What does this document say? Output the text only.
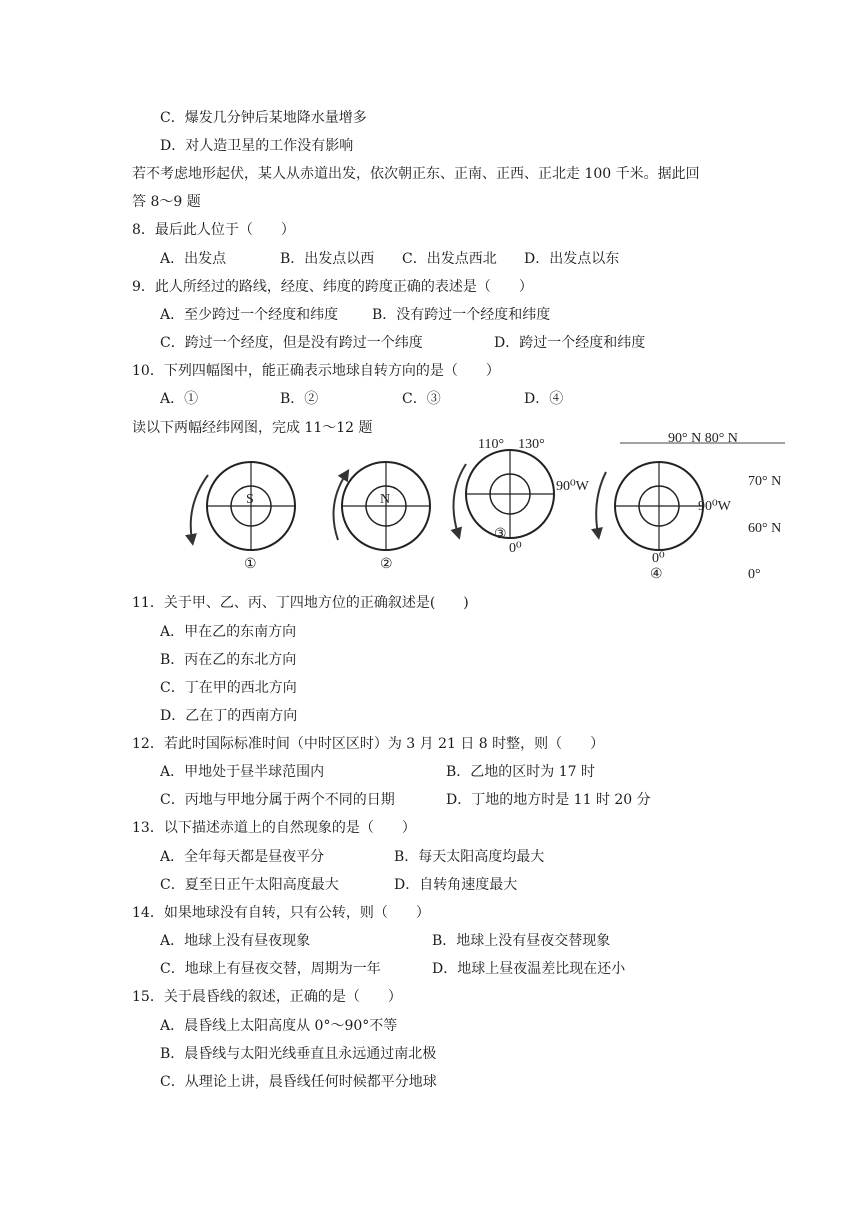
C．爆发几分钟后某地降水量增多
D．对人造卫星的工作没有影响
若不考虑地形起伏，某人从赤道出发，依次朝正东、正南、正西、正北走 100 千米。据此回
答 8～9 题
8．最后此人位于（　　）
A．出发点	B．出发点以西 C．出发点西北 D．出发点以东
9．此人所经过的路线，经度、纬度的跨度正确的表述是（　　）
A．至少跨过一个经度和纬度 B．没有跨过一个经度和纬度
C．跨过一个经度，但是没有跨过一个纬度	D．跨过一个经度和纬度
10．下列四幅图中，能正确表示地球自转方向的是（　　）
A．①	B．②	C．③	D．④
读以下两幅经纬网图，完成 11～12 题
S
①
N
②
110°　130°
90⁰W
③
0⁰
90⁰W
0⁰
④
90° N 80° N
70° N
60° N
0°
11．关于甲、乙、丙、丁四地方位的正确叙述是(　　)
A．甲在乙的东南方向
B．丙在乙的东北方向
C．丁在甲的西北方向
D．乙在丁的西南方向
12．若此时国际标准时间（中时区区时）为 3 月 21 日 8 时整，则（　　）
A．甲地处于昼半球范围内	B．乙地的区时为 17 时
C．丙地与甲地分属于两个不同的日期	D．丁地的地方时是 11 时 20 分
13．以下描述赤道上的自然现象的是（　　）
A．全年每天都是昼夜平分	B．每天太阳高度均最大
C．夏至日正午太阳高度最大	D．自转角速度最大
14．如果地球没有自转，只有公转，则（　　）
A．地球上没有昼夜现象	B．地球上没有昼夜交替现象
C．地球上有昼夜交替，周期为一年	D．地球上昼夜温差比现在还小
15．关于晨昏线的叙述，正确的是（　　）
A．晨昏线上太阳高度从 0°～90°不等
B．晨昏线与太阳光线垂直且永远通过南北极
C．从理论上讲，晨昏线任何时候都平分地球
